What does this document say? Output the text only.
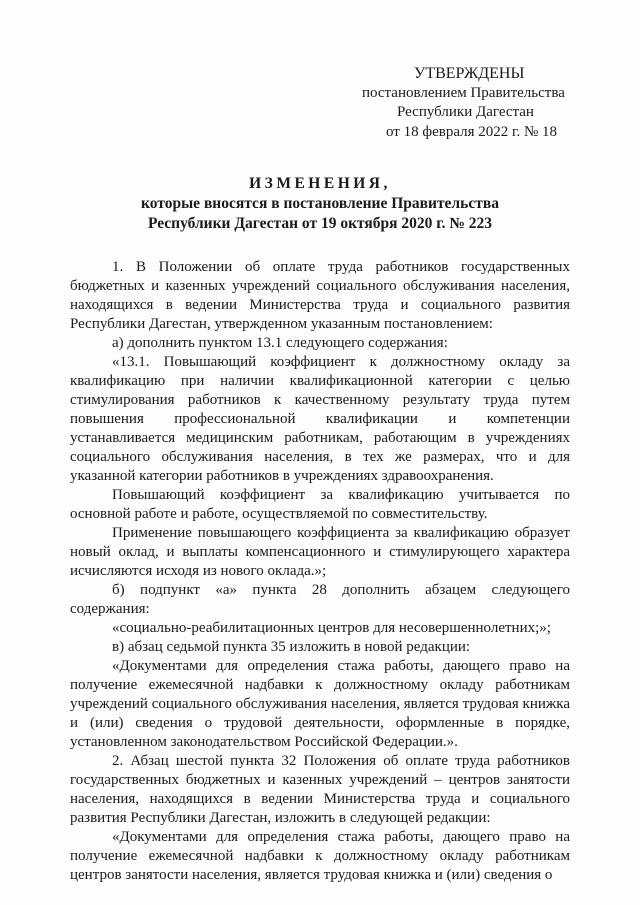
УТВЕРЖДЕНЫ
постановлением Правительства
Республики Дагестан
от 18 февраля 2022 г. № 18
ИЗМЕНЕНИЯ,
которые вносятся в постановление Правительства
Республики Дагестан от 19 октября 2020 г. № 223

1. В Положении об оплате труда работников государственных бюджетных и казенных учреждений социального обслуживания населения, находящихся в ведении Министерства труда и социального развития Республики Дагестан, утвержденном указанным постановлением:

а) дополнить пунктом 13.1 следующего содержания:

«13.1. Повышающий коэффициент к должностному окладу за квалификацию при наличии квалификационной категории с целью стимулирования работников к качественному результату труда путем повышения профессиональной квалификации и компетенции устанавливается медицинским работникам, работающим в учреждениях социального обслуживания населения, в тех же размерах, что и для указанной категории работников в учреждениях здравоохранения.

Повышающий коэффициент за квалификацию учитывается по основной работе и работе, осуществляемой по совместительству.

Применение повышающего коэффициента за квалификацию образует новый оклад, и выплаты компенсационного и стимулирующего характера исчисляются исходя из нового оклада.»;

б) подпункт «а» пункта 28 дополнить абзацем следующего содержания:

«социально-реабилитационных центров для несовершеннолетних;»;

в) абзац седьмой пункта 35 изложить в новой редакции:

«Документами для определения стажа работы, дающего право на получение ежемесячной надбавки к должностному окладу работникам учреждений социального обслуживания населения, является трудовая книжка и (или) сведения о трудовой деятельности, оформленные в порядке, установленном законодательством Российской Федерации.».

2. Абзац шестой пункта 32 Положения об оплате труда работников государственных бюджетных и казенных учреждений – центров занятости населения, находящихся в ведении Министерства труда и социального развития Республики Дагестан, изложить в следующей редакции:

«Документами для определения стажа работы, дающего право на получение ежемесячной надбавки к должностному окладу работникам центров занятости населения, является трудовая книжка и (или) сведения о
